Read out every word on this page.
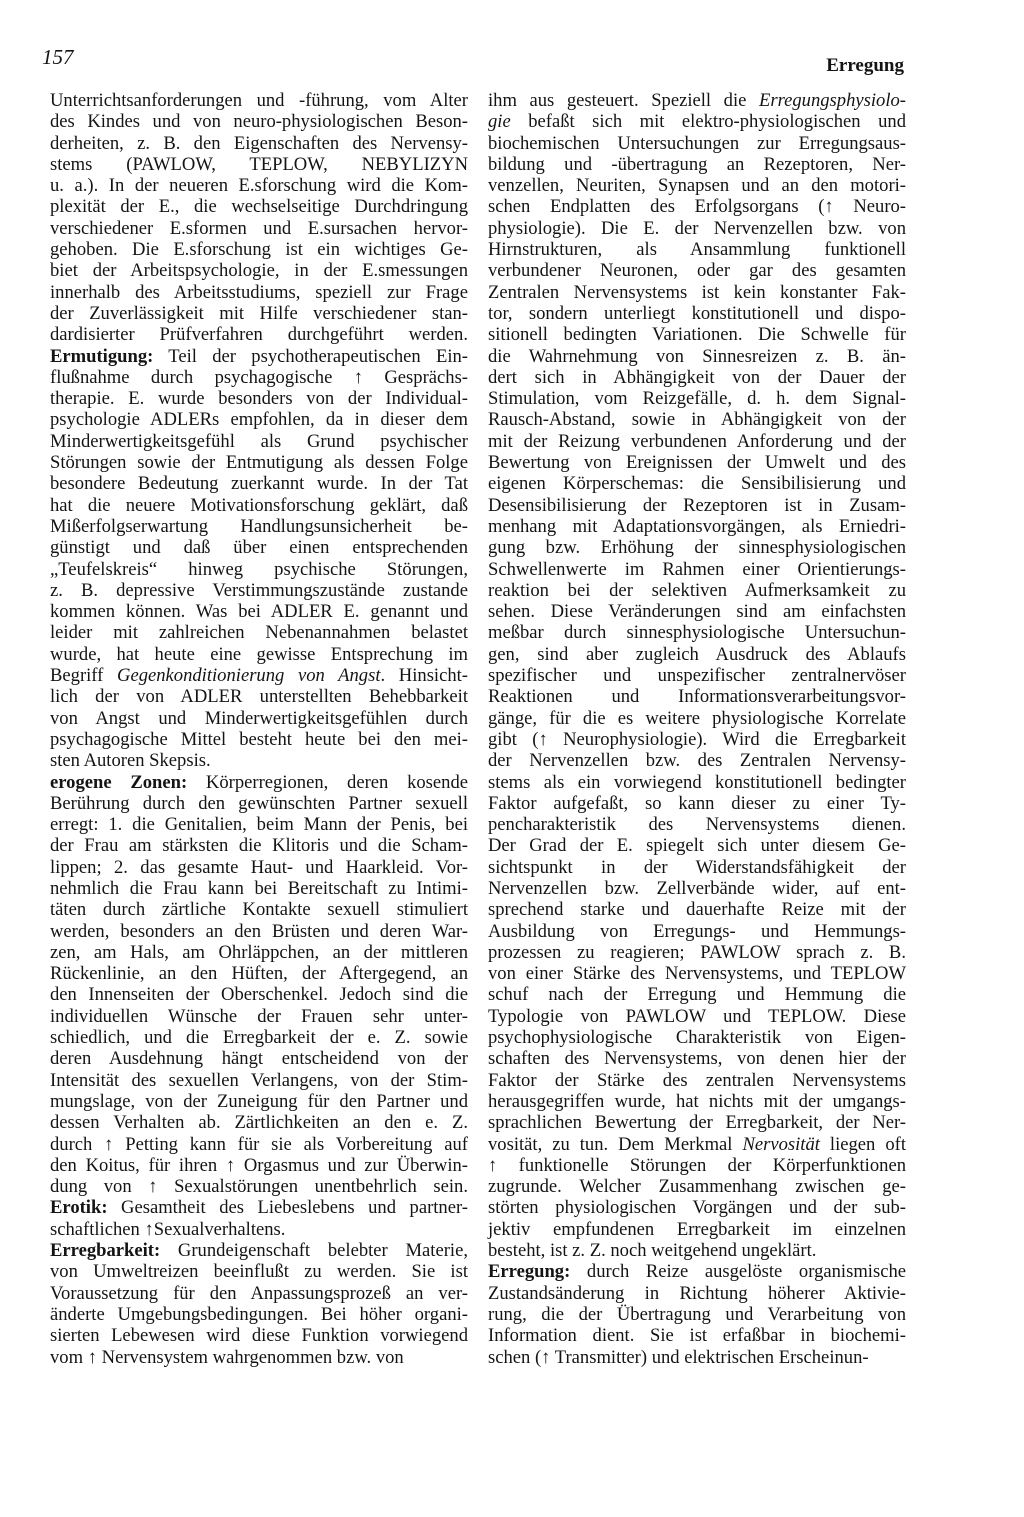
157	Erregung
Unterrichtsanforderungen und -führung, vom Alter
des Kindes und von neuro-physiologischen Beson-
derheiten, z. B. den Eigenschaften des Nervensy-
stems (PAWLOW, TEPLOW, NEBYLIZYN
u. a.). In der neueren E.sforschung wird die Kom-
plexität der E., die wechselseitige Durchdringung
verschiedener E.sformen und E.sursachen hervor-
gehoben. Die E.sforschung ist ein wichtiges Ge-
biet der Arbeitspsychologie, in der E.smessungen
innerhalb des Arbeitsstudiums, speziell zur Frage
der Zuverlässigkeit mit Hilfe verschiedener stan-
dardisierter Prüfverfahren durchgeführt werden.
Ermutigung: Teil der psychotherapeutischen Ein-
flußnahme durch psychagogische ↑ Gesprächs-
therapie. E. wurde besonders von der Individual-
psychologie ADLERs empfohlen, da in dieser dem
Minderwertigkeitsgefühl als Grund psychischer
Störungen sowie der Entmutigung als dessen Folge
besondere Bedeutung zuerkannt wurde. In der Tat
hat die neuere Motivationsforschung geklärt, daß
Mißerfolgserwartung Handlungsunsicherheit be-
günstigt und daß über einen entsprechenden
„Teufelskreis“ hinweg psychische Störungen,
z. B. depressive Verstimmungszustände zustande
kommen können. Was bei ADLER E. genannt und
leider mit zahlreichen Nebenannahmen belastet
wurde, hat heute eine gewisse Entsprechung im
Begriff Gegenkonditionierung von Angst. Hinsicht-
lich der von ADLER unterstellten Behebbarkeit
von Angst und Minderwertigkeitsgefühlen durch
psychagogische Mittel besteht heute bei den mei-
sten Autoren Skepsis.
erogene Zonen: Körperregionen, deren kosende
Berührung durch den gewünschten Partner sexuell
erregt: 1. die Genitalien, beim Mann der Penis, bei
der Frau am stärksten die Klitoris und die Scham-
lippen; 2. das gesamte Haut- und Haarkleid. Vor-
nehmlich die Frau kann bei Bereitschaft zu Intimi-
täten durch zärtliche Kontakte sexuell stimuliert
werden, besonders an den Brüsten und deren War-
zen, am Hals, am Ohrläppchen, an der mittleren
Rückenlinie, an den Hüften, der Aftergegend, an
den Innenseiten der Oberschenkel. Jedoch sind die
individuellen Wünsche der Frauen sehr unter-
schiedlich, und die Erregbarkeit der e. Z. sowie
deren Ausdehnung hängt entscheidend von der
Intensität des sexuellen Verlangens, von der Stim-
mungslage, von der Zuneigung für den Partner und
dessen Verhalten ab. Zärtlichkeiten an den e. Z.
durch ↑ Petting kann für sie als Vorbereitung auf
den Koitus, für ihren ↑ Orgasmus und zur Überwin-
dung von ↑ Sexualstörungen unentbehrlich sein.
Erotik: Gesamtheit des Liebeslebens und partner-
schaftlichen ↑Sexualverhaltens.
Erregbarkeit: Grundeigenschaft belebter Materie,
von Umweltreizen beeinflußt zu werden. Sie ist
Voraussetzung für den Anpassungsprozeß an ver-
änderte Umgebungsbedingungen. Bei höher organi-
sierten Lebewesen wird diese Funktion vorwiegend
vom ↑ Nervensystem wahrgenommen bzw. von
ihm aus gesteuert. Speziell die Erregungsphysiolo-
gie befaßt sich mit elektro-physiologischen und
biochemischen Untersuchungen zur Erregungsaus-
bildung und -übertragung an Rezeptoren, Ner-
venzellen, Neuriten, Synapsen und an den motori-
schen Endplatten des Erfolgsorgans (↑ Neuro-
physiologie). Die E. der Nervenzellen bzw. von
Hirnstrukturen, als Ansammlung funktionell
verbundener Neuronen, oder gar des gesamten
Zentralen Nervensystems ist kein konstanter Fak-
tor, sondern unterliegt konstitutionell und dispo-
sitionell bedingten Variationen. Die Schwelle für
die Wahrnehmung von Sinnesreizen z. B. än-
dert sich in Abhängigkeit von der Dauer der
Stimulation, vom Reizgefälle, d. h. dem Signal-
Rausch-Abstand, sowie in Abhängigkeit von der
mit der Reizung verbundenen Anforderung und der
Bewertung von Ereignissen der Umwelt und des
eigenen Körperschemas: die Sensibilisierung und
Desensibilisierung der Rezeptoren ist in Zusam-
menhang mit Adaptationsvorgängen, als Erniedri-
gung bzw. Erhöhung der sinnesphysiologischen
Schwellenwerte im Rahmen einer Orientierungs-
reaktion bei der selektiven Aufmerksamkeit zu
sehen. Diese Veränderungen sind am einfachsten
meßbar durch sinnesphysiologische Untersuchun-
gen, sind aber zugleich Ausdruck des Ablaufs
spezifischer und unspezifischer zentralnervöser
Reaktionen und Informationsverarbeitungsvor-
gänge, für die es weitere physiologische Korrelate
gibt (↑ Neurophysiologie). Wird die Erregbarkeit
der Nervenzellen bzw. des Zentralen Nervensy-
stems als ein vorwiegend konstitutionell bedingter
Faktor aufgefaßt, so kann dieser zu einer Ty-
pencharakteristik des Nervensystems dienen.
Der Grad der E. spiegelt sich unter diesem Ge-
sichtspunkt in der Widerstandsfähigkeit der
Nervenzellen bzw. Zellverbände wider, auf ent-
sprechend starke und dauerhafte Reize mit der
Ausbildung von Erregungs- und Hemmungs-
prozessen zu reagieren; PAWLOW sprach z. B.
von einer Stärke des Nervensystems, und TEPLOW
schuf nach der Erregung und Hemmung die
Typologie von PAWLOW und TEPLOW. Diese
psychophysiologische Charakteristik von Eigen-
schaften des Nervensystems, von denen hier der
Faktor der Stärke des zentralen Nervensystems
herausgegriffen wurde, hat nichts mit der umgangs-
sprachlichen Bewertung der Erregbarkeit, der Ner-
vosität, zu tun. Dem Merkmal Nervosität liegen oft
↑ funktionelle Störungen der Körperfunktionen
zugrunde. Welcher Zusammenhang zwischen ge-
störten physiologischen Vorgängen und der sub-
jektiv empfundenen Erregbarkeit im einzelnen
besteht, ist z. Z. noch weitgehend ungeklärt.
Erregung: durch Reize ausgelöste organismische
Zustandsänderung in Richtung höherer Aktivie-
rung, die der Übertragung und Verarbeitung von
Information dient. Sie ist erfaßbar in biochemi-
schen (↑ Transmitter) und elektrischen Erscheinun-
